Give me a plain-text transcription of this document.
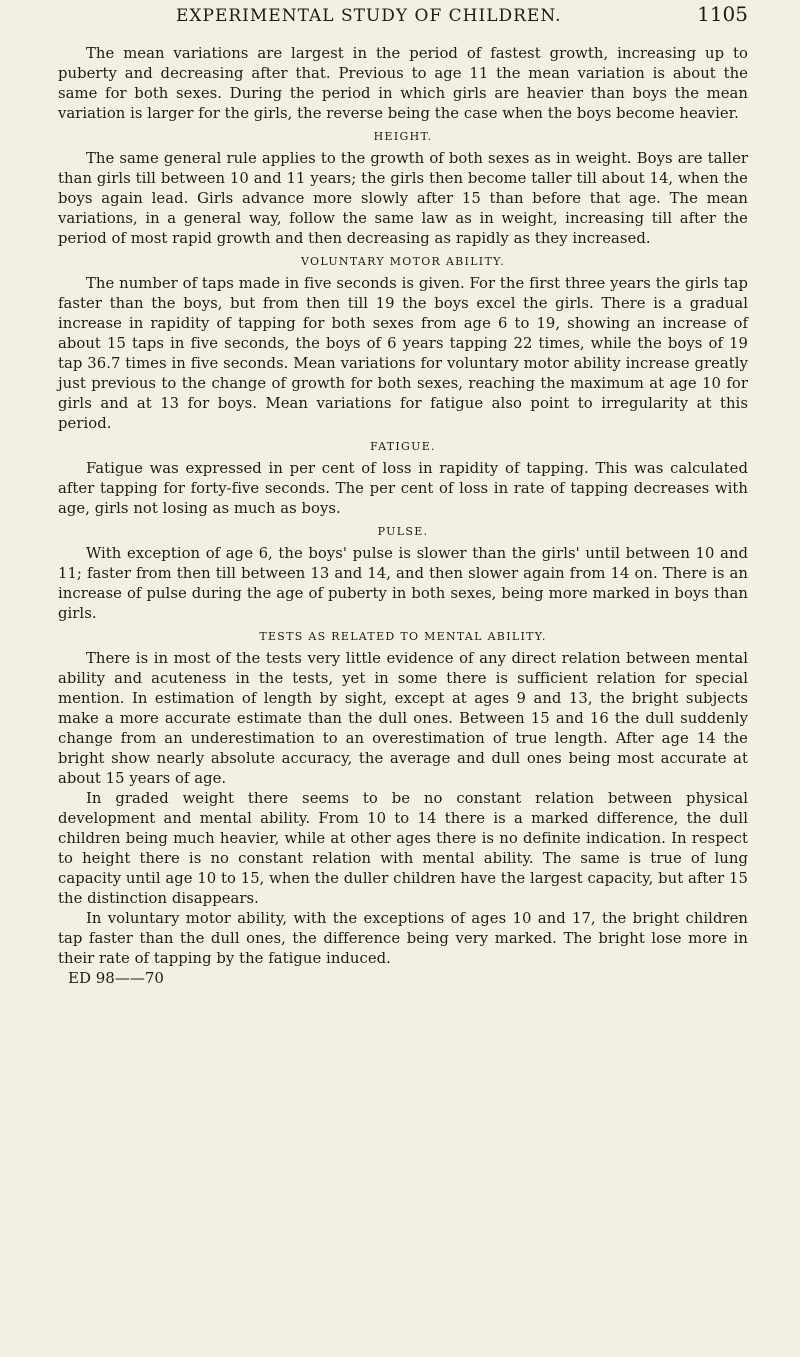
EXPERIMENTAL STUDY OF CHILDREN.	1105

The mean variations are largest in the period of fastest growth, increasing up to puberty and decreasing after that. Previous to age 11 the mean variation is about the same for both sexes. During the period in which girls are heavier than boys the mean variation is larger for the girls, the reverse being the case when the boys become heavier.

HEIGHT.

The same general rule applies to the growth of both sexes as in weight. Boys are taller than girls till between 10 and 11 years; the girls then become taller till about 14, when the boys again lead. Girls advance more slowly after 15 than before that age. The mean variations, in a general way, follow the same law as in weight, increasing till after the period of most rapid growth and then decreasing as rapidly as they increased.

VOLUNTARY MOTOR ABILITY.

The number of taps made in five seconds is given. For the first three years the girls tap faster than the boys, but from then till 19 the boys excel the girls. There is a gradual increase in rapidity of tapping for both sexes from age 6 to 19, showing an increase of about 15 taps in five seconds, the boys of 6 years tapping 22 times, while the boys of 19 tap 36.7 times in five seconds. Mean variations for voluntary motor ability increase greatly just previous to the change of growth for both sexes, reaching the maximum at age 10 for girls and at 13 for boys. Mean variations for fatigue also point to irregularity at this period.

FATIGUE.

Fatigue was expressed in per cent of loss in rapidity of tapping. This was calculated after tapping for forty-five seconds. The per cent of loss in rate of tapping decreases with age, girls not losing as much as boys.

PULSE.

With exception of age 6, the boys' pulse is slower than the girls' until between 10 and 11; faster from then till between 13 and 14, and then slower again from 14 on. There is an increase of pulse during the age of puberty in both sexes, being more marked in boys than girls.

TESTS AS RELATED TO MENTAL ABILITY.

There is in most of the tests very little evidence of any direct relation between mental ability and acuteness in the tests, yet in some there is sufficient relation for special mention. In estimation of length by sight, except at ages 9 and 13, the bright subjects make a more accurate estimate than the dull ones. Between 15 and 16 the dull suddenly change from an underestimation to an overestimation of true length. After age 14 the bright show nearly absolute accuracy, the average and dull ones being most accurate at about 15 years of age.

In graded weight there seems to be no constant relation between physical development and mental ability. From 10 to 14 there is a marked difference, the dull children being much heavier, while at other ages there is no definite indication. In respect to height there is no constant relation with mental ability. The same is true of lung capacity until age 10 to 15, when the duller children have the largest capacity, but after 15 the distinction disappears.

In voluntary motor ability, with the exceptions of ages 10 and 17, the bright children tap faster than the dull ones, the difference being very marked. The bright lose more in their rate of tapping by the fatigue induced.

ED 98——70
